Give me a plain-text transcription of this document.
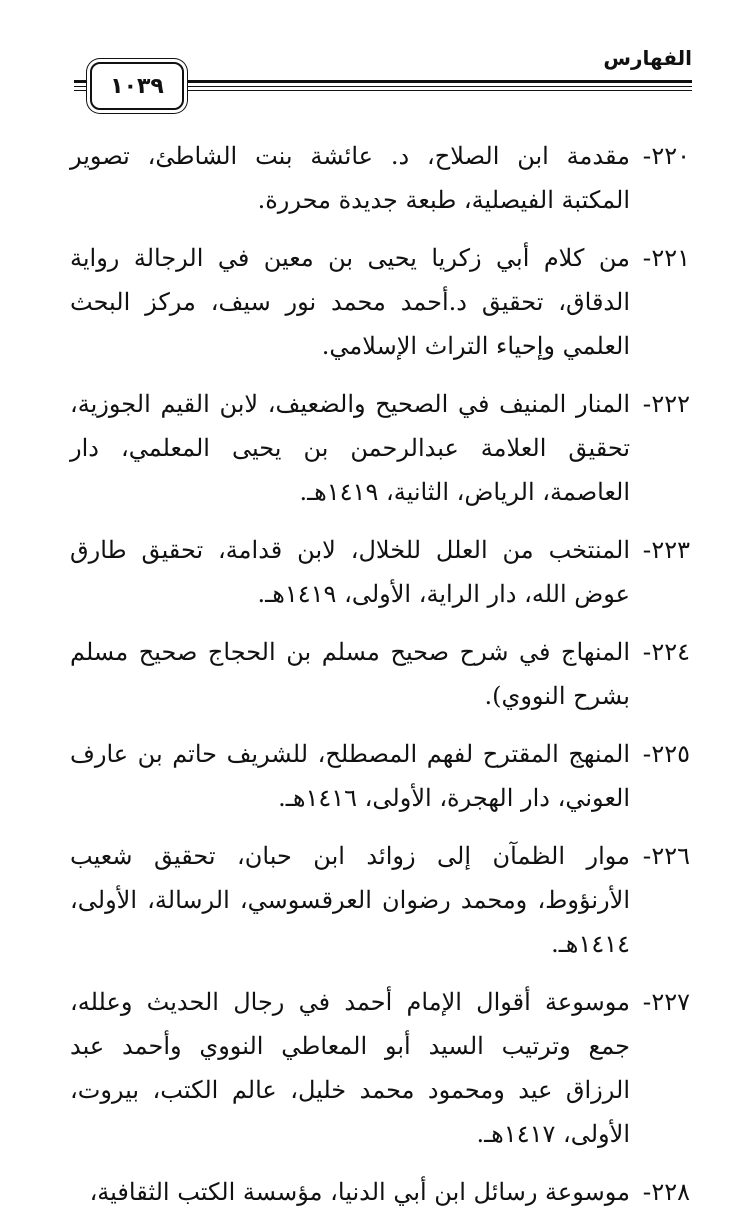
الفهارس
١٠٣٩
٢٢٠-
مقدمة ابن الصلاح، د. عائشة بنت الشاطئ، تصوير المكتبة الفيصلية، طبعة جديدة محررة.
٢٢١-
من كلام أبي زكريا يحيى بن معين في الرجالة رواية الدقاق، تحقيق د.أحمد محمد نور سيف، مركز البحث العلمي وإحياء التراث الإسلامي.
٢٢٢-
المنار المنيف في الصحيح والضعيف، لابن القيم الجوزية، تحقيق العلامة عبدالرحمن بن يحيى المعلمي، دار العاصمة، الرياض، الثانية، ١٤١٩هـ.
٢٢٣-
المنتخب من العلل للخلال، لابن قدامة، تحقيق طارق عوض الله، دار الراية، الأولى، ١٤١٩هـ.
٢٢٤-
المنهاج في شرح صحيح مسلم بن الحجاج صحيح مسلم بشرح النووي).
٢٢٥-
المنهج المقترح لفهم المصطلح، للشريف حاتم بن عارف العوني، دار الهجرة، الأولى، ١٤١٦هـ.
٢٢٦-
موار الظمآن إلى زوائد ابن حبان، تحقيق شعيب الأرنؤوط، ومحمد رضوان العرقسوسي، الرسالة، الأولى، ١٤١٤هـ.
٢٢٧-
موسوعة أقوال الإمام أحمد في رجال الحديث وعلله، جمع وترتيب السيد أبو المعاطي النووي وأحمد عبد الرزاق عيد ومحمود محمد خليل، عالم الكتب، بيروت، الأولى، ١٤١٧هـ.
٢٢٨-
موسوعة رسائل ابن أبي الدنيا، مؤسسة الكتب الثقافية،
